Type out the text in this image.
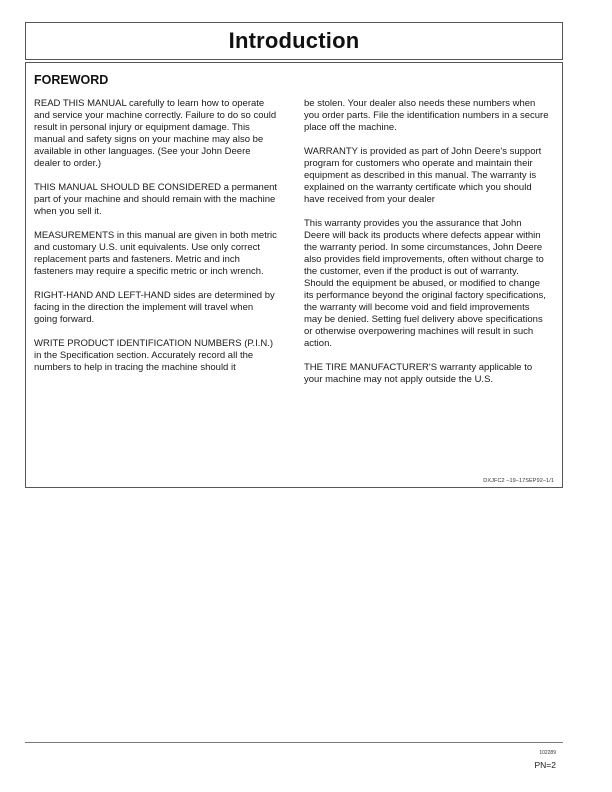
Introduction
FOREWORD

READ THIS MANUAL carefully to learn how to operate and service your machine correctly. Failure to do so could result in personal injury or equipment damage. This manual and safety signs on your machine may also be available in other languages. (See your John Deere dealer to order.)

THIS MANUAL SHOULD BE CONSIDERED a permanent part of your machine and should remain with the machine when you sell it.

MEASUREMENTS in this manual are given in both metric and customary U.S. unit equivalents. Use only correct replacement parts and fasteners. Metric and inch fasteners may require a specific metric or inch wrench.

RIGHT-HAND AND LEFT-HAND sides are determined by facing in the direction the implement will travel when going forward.

WRITE PRODUCT IDENTIFICATION NUMBERS (P.I.N.) in the Specification section. Accurately record all the numbers to help in tracing the machine should it

be stolen. Your dealer also needs these numbers when you order parts. File the identification numbers in a secure place off the machine.

WARRANTY is provided as part of John Deere's support program for customers who operate and maintain their equipment as described in this manual. The warranty is explained on the warranty certificate which you should have received from your dealer

This warranty provides you the assurance that John Deere will back its products where defects appear within the warranty period. In some circumstances, John Deere also provides field improvements, often without charge to the customer, even if the product is out of warranty. Should the equipment be abused, or modified to change its performance beyond the original factory specifications, the warranty will become void and field improvements may be denied. Setting fuel delivery above specifications or otherwise overpowering machines will result in such action.

THE TIRE MANUFACTURER'S warranty applicable to your machine may not apply outside the U.S.

DXJFC2 –19–17SEP92–1/1
102289
PN=2
